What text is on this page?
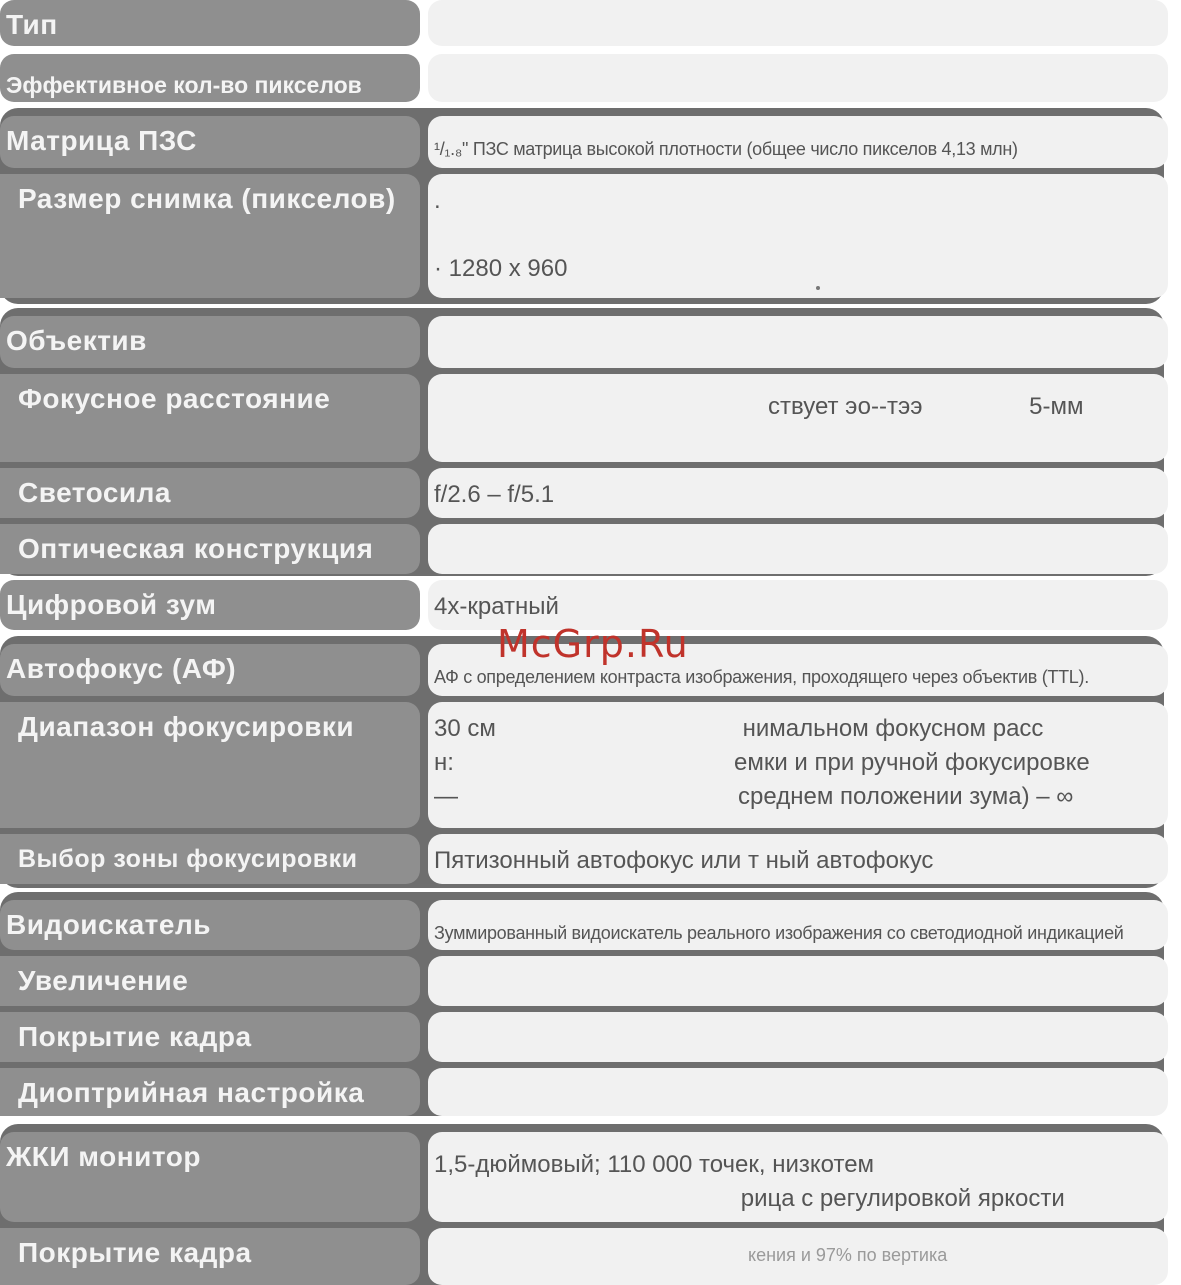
Тип
Эффективное кол-во пикселов
Матрица ПЗС	¹/₁.₈" ПЗС матрица высокой плотности (общее число пикселов 4,13 млн)
Размер снимка (пикселов) .

· 1280 x 960
Объектив
Фокусное расстояние	ствует эо--тээ                5-мм
Светосила	f/2.6 – f/5.1
Оптическая конструкция
Цифровой зум	4x-кратный
Автофокус (АФ)	АФ с определением контраста изображения, проходящего через объектив (TTL).
Диапазон фокусировки	30 см                                     нимальном фокусном расс
н:                                          емки и при ручной фокусировке
—                                          среднем положении зума) – ∞
Выбор зоны фокусировки	Пятизонный автофокус или т ный автофокус
Видоискатель	Зуммированный видоискатель реального изображения со светодиодной индикацией
Увеличение
Покрытие кадра
Диоптрийная настройка
ЖКИ монитор	1,5-дюймовый; 110 000 точек, низкотем
рица с регулировкой яркости
Покрытие кадра	кения и 97% по вертика
McGrp.Ru
